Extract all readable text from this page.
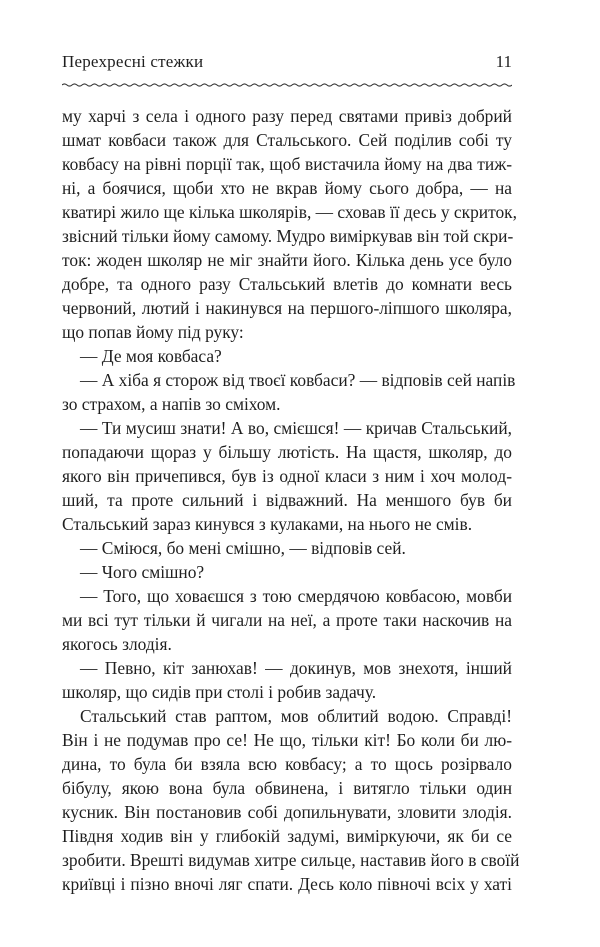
Перехресні стежки	11
му харчі з села і одного разу перед святами привіз добрий
шмат ковбаси також для Стальського. Сей поділив собі ту
ковбасу на рівні порції так, щоб вистачила йому на два тиж-
ні, а боячися, щоби хто не вкрав йому сього добра, — на
кватирі жило ще кілька школярів, — сховав її десь у скриток,
звісний тільки йому самому. Мудро виміркував він той скри-
ток: жоден школяр не міг знайти його. Кілька день усе було
добре, та одного разу Стальський влетів до комнати весь
червоний, лютий і накинувся на першого-ліпшого школяра,
що попав йому під руку:
— Де моя ковбаса?
— А хіба я сторож від твоєї ковбаси? — відповів сей напів
зо страхом, а напів зо сміхом.
— Ти мусиш знати! А во, смієшся! — кричав Стальський,
попадаючи щораз у більшу лютість. На щастя, школяр, до
якого він причепився, був із одної класи з ним і хоч молод-
ший, та проте сильний і відважний. На меншого був би
Стальський зараз кинувся з кулаками, на нього не смів.
— Сміюся, бо мені смішно, — відповів сей.
— Чого смішно?
— Того, що ховаєшся з тою смердячою ковбасою, мовби
ми всі тут тільки й чигали на неї, а проте таки наскочив на
якогось злодія.
— Певно, кіт занюхав! — докинув, мов знехотя, інший
школяр, що сидів при столі і робив задачу.
Стальський став раптом, мов облитий водою. Справді!
Він і не подумав про се! Не що, тільки кіт! Бо коли би лю-
дина, то була би взяла всю ковбасу; а то щось розірвало
бібулу, якою вона була обвинена, і витягло тільки один
кусник. Він постановив собі допильнувати, зловити злодія.
Півдня ходив він у глибокій задумі, виміркуючи, як би се
зробити. Врешті видумав хитре сильце, наставив його в своїй
криївці і пізно вночі ляг спати. Десь коло півночі всіх у хаті
